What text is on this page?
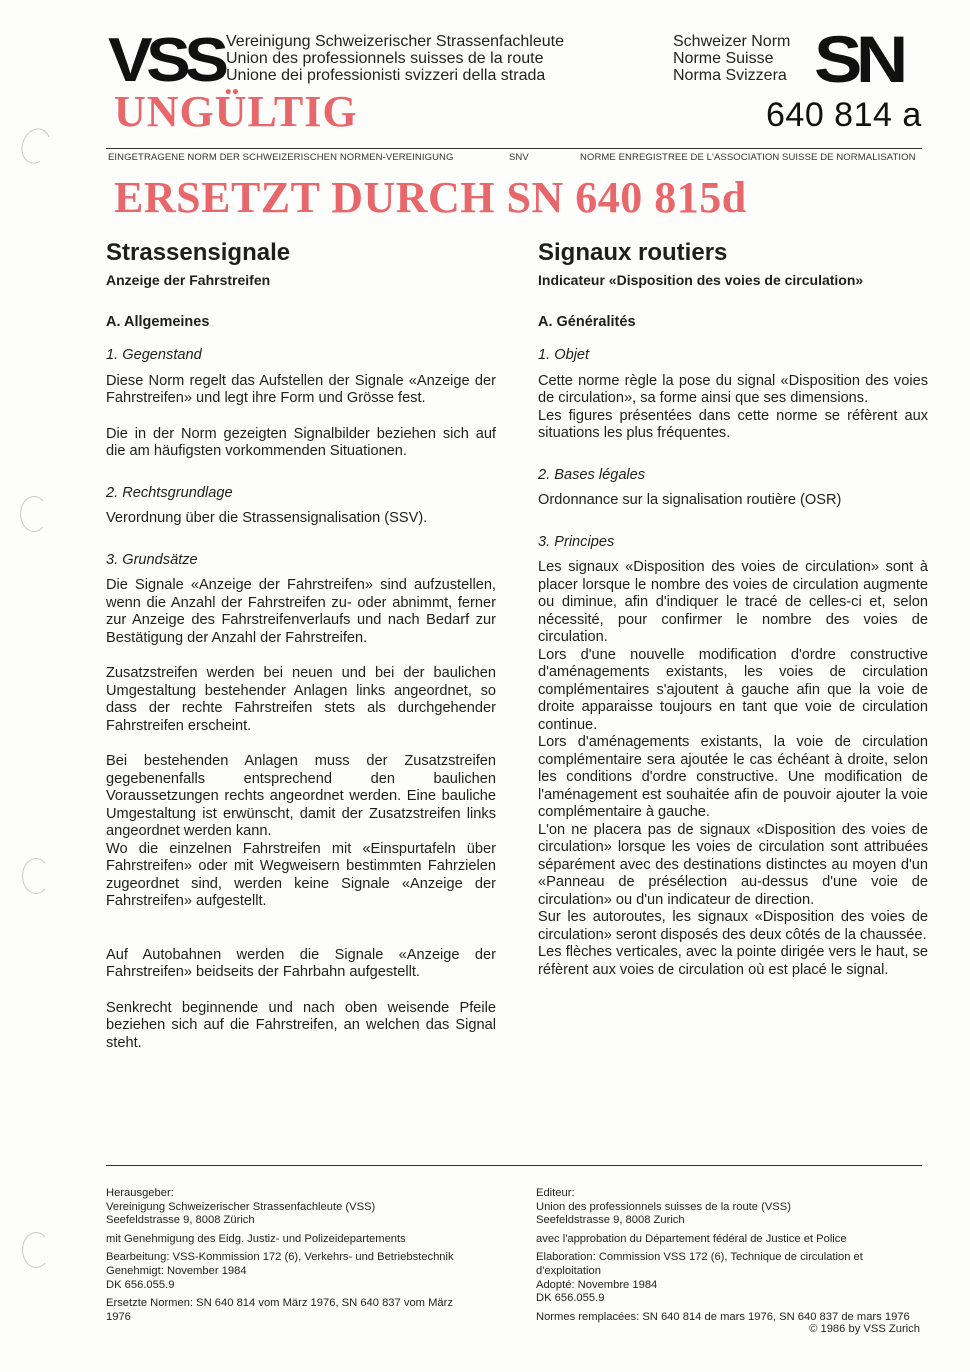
VSS Vereinigung Schweizerischer Strassenfachleute
Union des professionnels suisses de la route
Unione dei professionisti svizzeri della strada
Schweizer Norm
Norme Suisse
Norma Svizzera SN
640 814 a
UNGÜLTIG
EINGETRAGENE NORM DER SCHWEIZERISCHEN NORMEN-VEREINIGUNG	SNV	NORME ENREGISTREE DE L'ASSOCIATION SUISSE DE NORMALISATION
ERSETZT DURCH SN 640 815d
Strassensignale
Anzeige der Fahrstreifen
A. Allgemeines
1. Gegenstand
Diese Norm regelt das Aufstellen der Signale «Anzeige der Fahrstreifen» und legt ihre Form und Grösse fest.
Die in der Norm gezeigten Signalbilder beziehen sich auf die am häufigsten vorkommenden Situationen.
2. Rechtsgrundlage
Verordnung über die Strassensignalisation (SSV).
3. Grundsätze
Die Signale «Anzeige der Fahrstreifen» sind aufzustellen, wenn die Anzahl der Fahrstreifen zu- oder abnimmt, ferner zur Anzeige des Fahrstreifenverlaufs und nach Bedarf zur Bestätigung der Anzahl der Fahrstreifen.
Zusatzstreifen werden bei neuen und bei der baulichen Umgestaltung bestehender Anlagen links angeordnet, so dass der rechte Fahrstreifen stets als durchgehender Fahrstreifen erscheint.
Bei bestehenden Anlagen muss der Zusatzstreifen gegebenenfalls entsprechend den baulichen Voraussetzungen rechts angeordnet werden. Eine bauliche Umgestaltung ist erwünscht, damit der Zusatzstreifen links angeordnet werden kann.
Wo die einzelnen Fahrstreifen mit «Einspurtafeln über Fahrstreifen» oder mit Wegweisern bestimmten Fahrzielen zugeordnet sind, werden keine Signale «Anzeige der Fahrstreifen» aufgestellt.
Auf Autobahnen werden die Signale «Anzeige der Fahrstreifen» beidseits der Fahrbahn aufgestellt.
Senkrecht beginnende und nach oben weisende Pfeile beziehen sich auf die Fahrstreifen, an welchen das Signal steht.
Signaux routiers
Indicateur «Disposition des voies de circulation»
A. Généralités
1. Objet
Cette norme règle la pose du signal «Disposition des voies de circulation», sa forme ainsi que ses dimensions.
Les figures présentées dans cette norme se réfèrent aux situations les plus fréquentes.
2. Bases légales
Ordonnance sur la signalisation routière (OSR)
3. Principes
Les signaux «Disposition des voies de circulation» sont à placer lorsque le nombre des voies de circulation augmente ou diminue, afin d'indiquer le tracé de celles-ci et, selon nécessité, pour confirmer le nombre des voies de circulation.
Lors d'une nouvelle modification d'ordre constructive d'aménagements existants, les voies de circulation complémentaires s'ajoutent à gauche afin que la voie de droite apparaisse toujours en tant que voie de circulation continue.
Lors d'aménagements existants, la voie de circulation complémentaire sera ajoutée le cas échéant à droite, selon les conditions d'ordre constructive. Une modification de l'aménagement est souhaitée afin de pouvoir ajouter la voie complémentaire à gauche.
L'on ne placera pas de signaux «Disposition des voies de circulation» lorsque les voies de circulation sont attribuées séparément avec des destinations distinctes au moyen d'un «Panneau de présélection au-dessus d'une voie de circulation» ou d'un indicateur de direction.
Sur les autoroutes, les signaux «Disposition des voies de circulation» seront disposés des deux côtés de la chaussée.
Les flèches verticales, avec la pointe dirigée vers le haut, se réfèrent aux voies de circulation où est placé le signal.
Herausgeber:
Vereinigung Schweizerischer Strassenfachleute (VSS)
Seefeldstrasse 9, 8008 Zürich
mit Genehmigung des Eidg. Justiz- und Polizeidepartements
Bearbeitung: VSS-Kommission 172 (6), Verkehrs- und Betriebstechnik
Genehmigt: November 1984
DK 656.055.9
Ersetzte Normen: SN 640 814 vom März 1976, SN 640 837 vom März
1976
Editeur:
Union des professionnels suisses de la route (VSS)
Seefeldstrasse 9, 8008 Zurich
avec l'approbation du Département fédéral de Justice et Police
Elaboration: Commission VSS 172 (6), Technique de circulation et
d'exploitation
Adopté: Novembre 1984
DK 656.055.9
Normes remplacées: SN 640 814 de mars 1976, SN 640 837 de mars 1976
© 1986 by VSS Zurich
